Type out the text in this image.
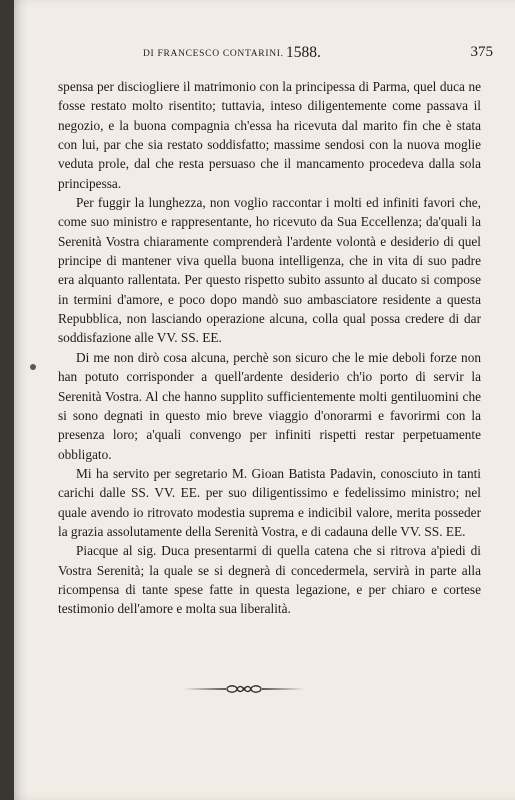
DI FRANCESCO CONTARINI. 1588.	375

spensa per discioglierе il matrimonio con la principessa di Parma, quel duca ne fosse restato molto risentito; tuttavia, inteso diligentemente come passava il negozio, e la buona compagnia ch'essa ha ricevuta dal marito fin che è stata con lui, par che sia restato soddisfatto; massime sendosi con la nuova moglie veduta prole, dal che resta persuaso che il mancamento procedeva dalla sola principessa.

Per fuggir la lunghezza, non voglio raccontar i molti ed infiniti favori che, come suo ministro e rappresentante, ho ricevuto da Sua Eccellenza; da'quali la Serenità Vostra chiaramente comprenderà l'ardente volontà e desiderio di quel principe di mantener viva quella buona intelligenza, che in vita di suo padre era alquanto rallentata. Per questo rispetto subito assunto al ducato si compose in termini d'amore, e poco dopo mandò suo ambasciatore residente a questa Repubblica, non lasciando operazione alcuna, colla qual possa credere di dar soddisfazione alle VV. SS. EE.

Di me non dirò cosa alcuna, perchè son sicuro che le mie deboli forze non han potuto corrisponder a quell'ardente desiderio ch'io porto di servir la Serenità Vostra. Al che hanno supplito sufficientemente molti gentiluomini che si sono degnati in questo mio breve viaggio d'onorarmi e favorirmi con la presenza loro; a'quali convengo per infiniti rispetti restar perpetuamente obbligato.

Mi ha servito per segretario M. Gioan Batista Padavin, conosciuto in tanti carichi dalle SS. VV. EE. per suo diligentissimo e fedelissimo ministro; nel quale avendo io ritrovato modestia suprema e indicibil valore, merita posseder la grazia assolutamente della Serenità Vostra, e di cadauna delle VV. SS. EE.

Piacque al sig. Duca presentarmi di quella catena che si ritrova a'piedi di Vostra Serenità; la quale se si degnerà di concedermela, servirà in parte alla ricompensa di tante spese fatte in questa legazione, e per chiaro e cortese testimonio dell'amore e molta sua liberalità.
